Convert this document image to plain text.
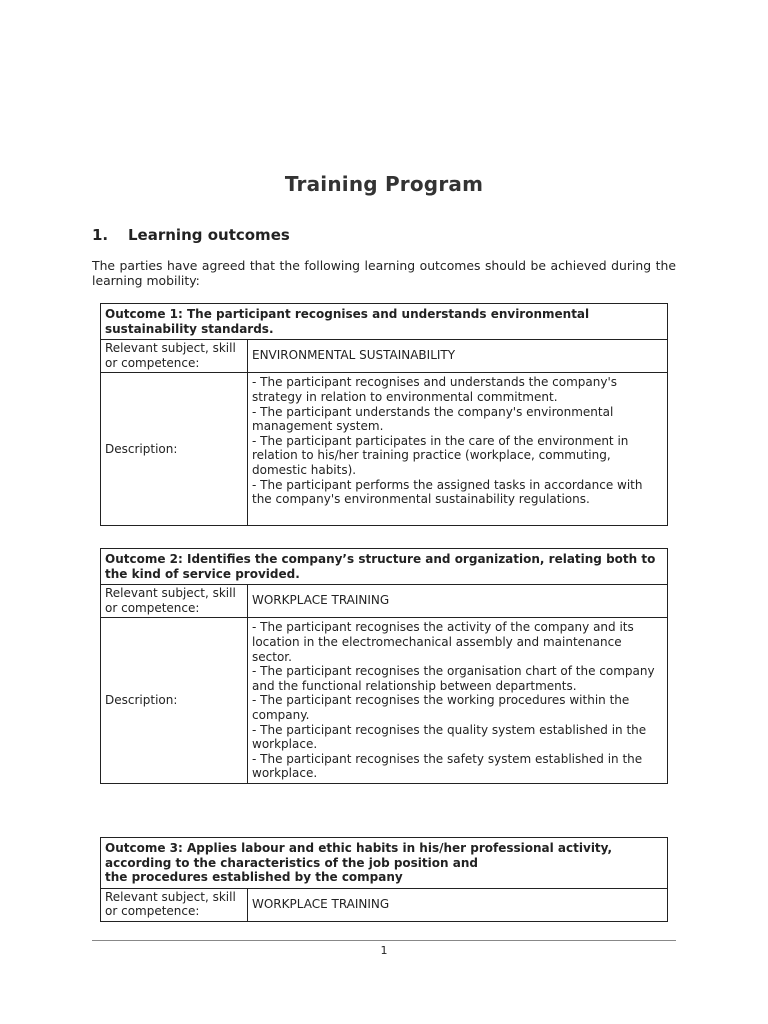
Training Program
1. Learning outcomes
The parties have agreed that the following learning outcomes should be achieved during the learning mobility:
Outcome 1: The participant recognises and understands environmental sustainability standards.	
Relevant subject, skill or competence:	ENVIRONMENTAL SUSTAINABILITY
Description:	- The participant recognises and understands the company's strategy in relation to environmental commitment.
- The participant understands the company's environmental management system.
- The participant participates in the care of the environment in relation to his/her training practice (workplace, commuting, domestic habits).
- The participant performs the assigned tasks in accordance with the company's environmental sustainability regulations.
Outcome 2: Identifies the company’s structure and organization, relating both to the kind of service provided.	
Relevant subject, skill or competence:	WORKPLACE TRAINING
Description:	- The participant recognises the activity of the company and its location in the electromechanical assembly and maintenance sector.
- The participant recognises the organisation chart of the company and the functional relationship between departments.
- The participant recognises the working procedures within the company.
- The participant recognises the quality system established in the workplace.
- The participant recognises the safety system established in the workplace.
Outcome 3: Applies labour and ethic habits in his/her professional activity,
according to the characteristics of the job position and
the procedures established by the company

Relevant subject, skill or competence:	WORKPLACE TRAINING
1
